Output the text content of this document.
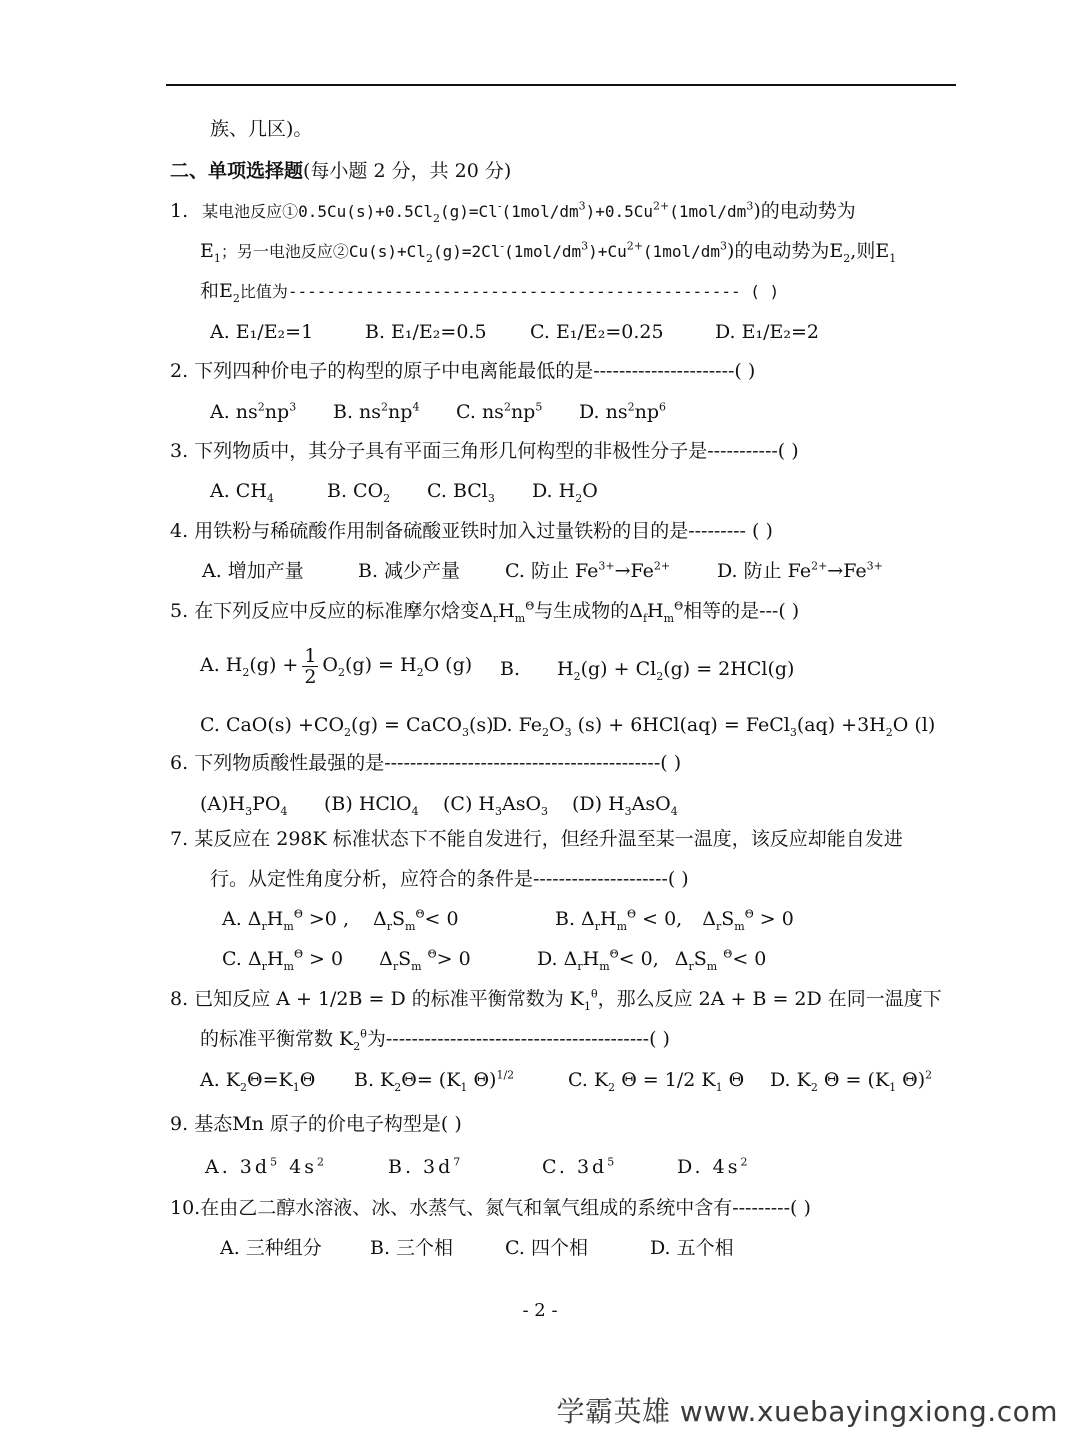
族、几区)。
二、单项选择题(每小题 2 分，共 20 分)
1. 某电池反应$①0.5Cu(s)+0.5Cl_2(g)=Cl^-(1mol/dm^3)+0.5Cu^{2+}(1mol/dm^3)$的电动势为
$E_1$；另一电池反应$②Cu(s)+Cl_2(g)=2Cl^-(1mol/dm^3)+Cu^{2+}(1mol/dm^3)$的电动势为$E_2$,则$E_1$
和$E_2$比值为----------------------------------------------- ( )
A. E₁/E₂=1	B. E₁/E₂=0.5 C. E₁/E₂=0.25	D. E₁/E₂=2
2. 下列四种价电子的构型的原子中电离能最低的是----------------------( )
A. $ns^2np^3$ B. $ns^2np^4$ C. $ns^2np^5$ D. $ns^2np^6$
3. 下列物质中，其分子具有平面三角形几何构型的非极性分子是-----------( )
A. $CH_4$	B. $CO_2$ C. BCl$_3$ D. $H_2O$
4. 用铁粉与稀硫酸作用制备硫酸亚铁时加入过量铁粉的目的是--------- ( )
A. 增加产量	B. 减少产量 C. 防止 $Fe^{3+}\to Fe^{2+}$ D. 防止 $Fe^{2+}\to Fe^{3+}$
5. 在下列反应中反应的标准摩尔焓变$\Delta_rH_m^\Theta$与生成物的$\Delta_fH_m^\Theta$相等的是---( )
A. $H_2(g) + \frac{1}{2} O_2(g) = H_2O$ (g) B. $H_2(g) + Cl_2(g) = 2HCl(g)$
C. $CaO(s) +CO_2(g)$ = CaCO$_3$(s)
D. $Fe_2O_3$ (s) + 6HCl(aq) = FeCl$_3$(aq) $+3H_2O$ (l)
6. 下列物质酸性最强的是-------------------------------------------( )
$(A)H_3PO_4$ (B) HClO$_4$ (C) $H_3AsO_3$ (D) $H_3AsO_4$
7. 某反应在 298K 标准状态下不能自发进行，但经升温至某一温度，该反应却能自发进
行。从定性角度分析，应符合的条件是---------------------( )
A. $\Delta_rH_m^\Theta >0$ , $\Delta_rS_m^\Theta< 0$	B. $\Delta_rH_m^\Theta < 0$, $\Delta_rS_m^\Theta > 0$
C. $\Delta_rH_m^\Theta > 0$ $\Delta_rS_m$ $^\Theta$> 0	D. $\Delta_rH_m^\Theta< 0$, $\Delta_rS_m$ $^\Theta$< 0
8. 已知反应 A + 1/2B = D 的标准平衡常数为 $K_1^\theta$，那么反应 2A + B = 2D 在同一温度下
的标准平衡常数 $K_2^\theta$为-----------------------------------------( )
A. $K_2\Theta=K_1\Theta$ B. $K_2\Theta= (K_1$ Θ)$^{1/2}$	C. $K_2$ Θ = 1/2 $K_1$ Θ D. $K_2$ $\Theta = (K_1$ Θ)$^2$
9. 基态Mn 原子的价电子构型是( )
A. $3d^5$ $4s^2$	B. $3d^7$	C. $3d^5$	D. $4s^2$
10.在由乙二醇水溶液、冰、水蒸气、氮气和氧气组成的系统中含有---------( )
A. 三种组分	B. 三个相	C. 四个相	D. 五个相
- 2 -
学霸英雄 www.xuebayingxiong.com
